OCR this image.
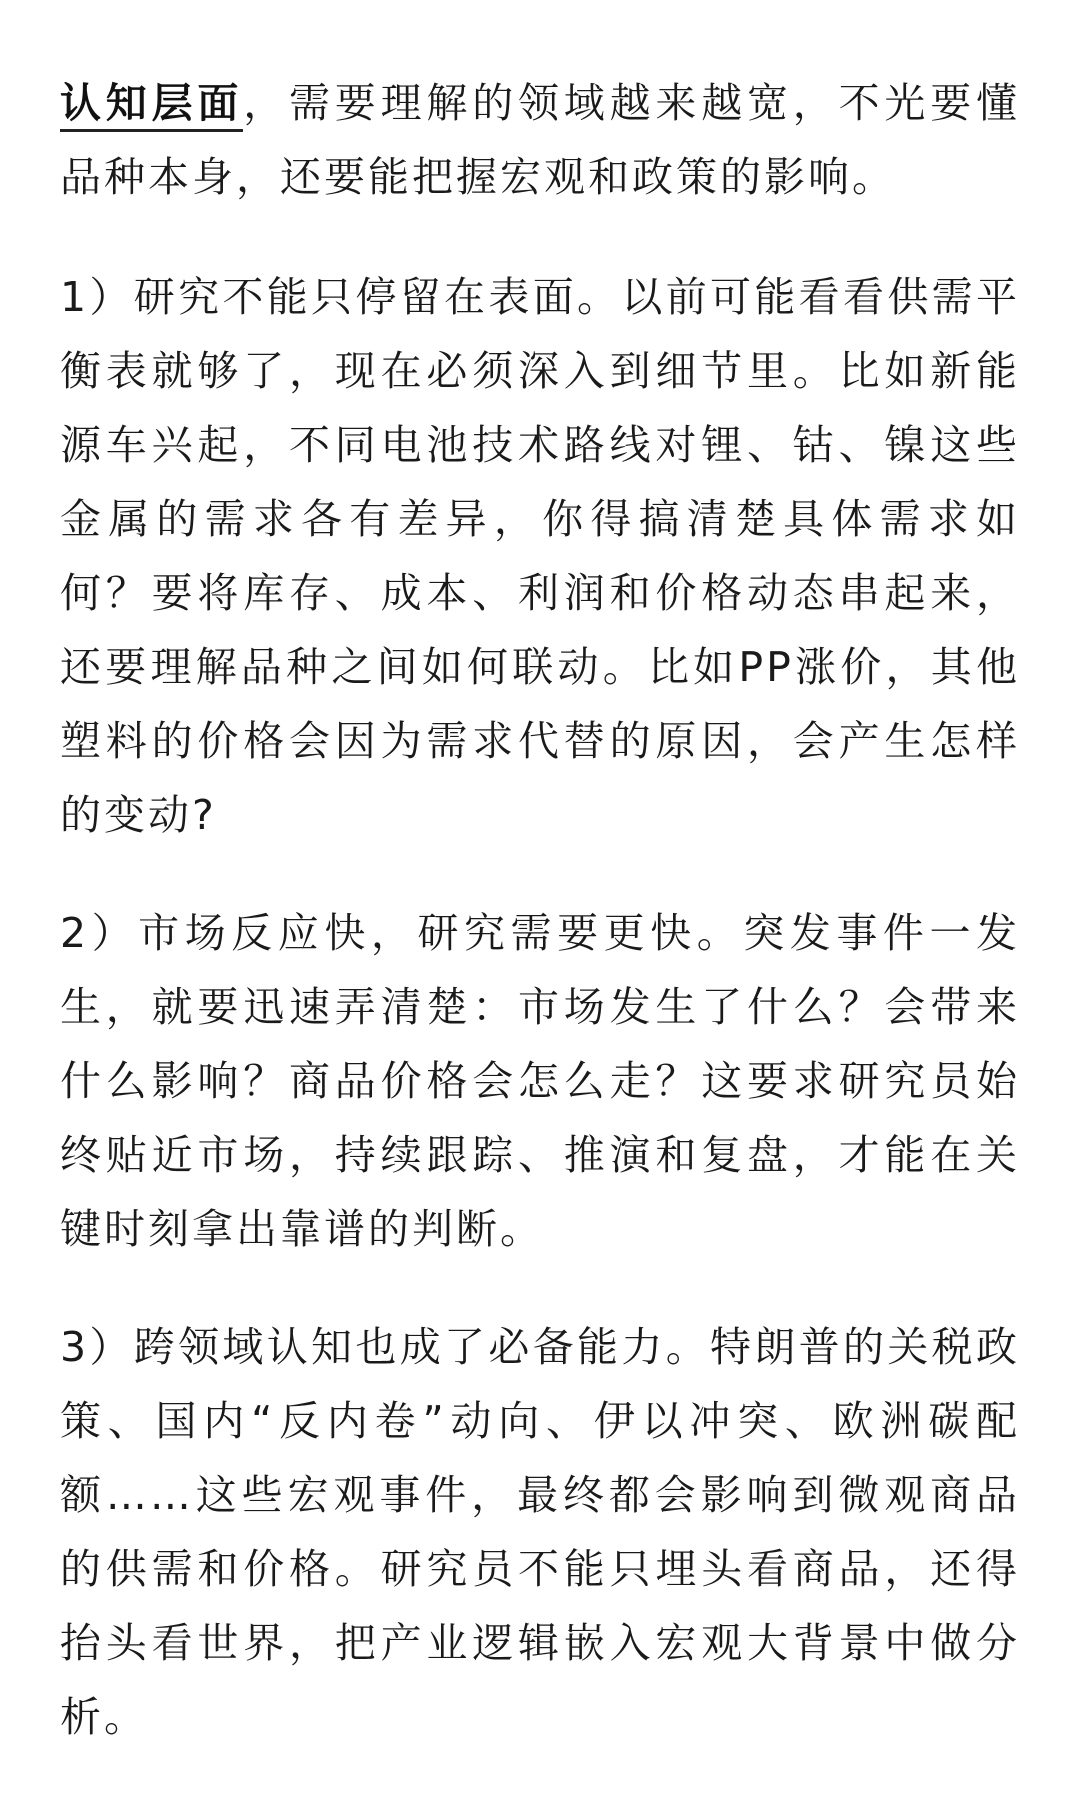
认知层面，需要理解的领域越来越宽，不光要懂品种本身，还要能把握宏观和政策的影响。

1）研究不能只停留在表面。以前可能看看供需平衡表就够了，现在必须深入到细节里。比如新能源车兴起，不同电池技术路线对锂、钴、镍这些金属的需求各有差异，你得搞清楚具体需求如何？要将库存、成本、利润和价格动态串起来，还要理解品种之间如何联动。比如PP涨价，其他塑料的价格会因为需求代替的原因，会产生怎样的变动?

2）市场反应快，研究需要更快。突发事件一发生，就要迅速弄清楚：市场发生了什么？会带来什么影响？商品价格会怎么走？这要求研究员始终贴近市场，持续跟踪、推演和复盘，才能在关键时刻拿出靠谱的判断。

3）跨领域认知也成了必备能力。特朗普的关税政策、国内“反内卷”动向、伊以冲突、欧洲碳配额……这些宏观事件，最终都会影响到微观商品的供需和价格。研究员不能只埋头看商品，还得抬头看世界，把产业逻辑嵌入宏观大背景中做分析。
